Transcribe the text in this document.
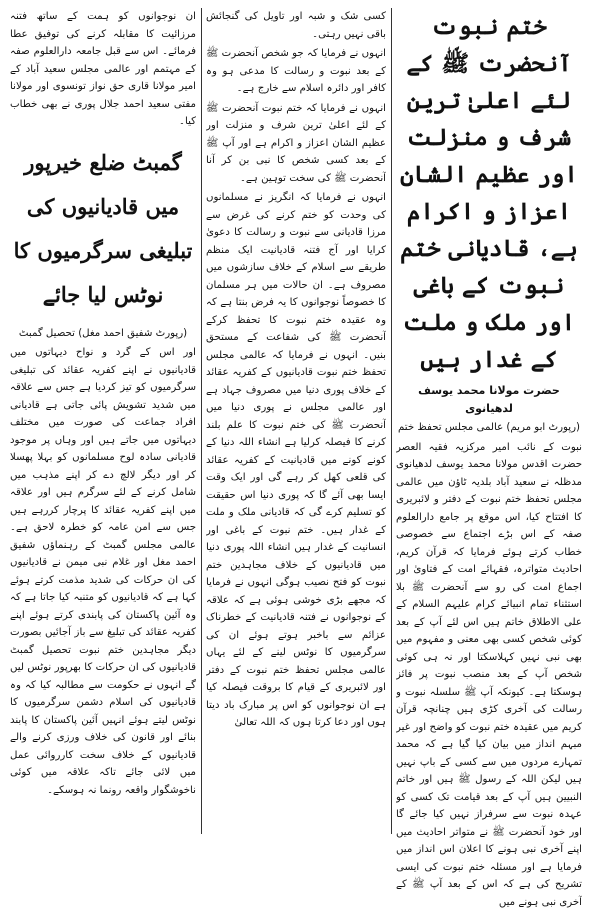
ختم نبوت آنحضرت ﷺ کے لئے اعلیٰ ترین شرف و منزلت اور عظیم الشان اعزاز و اکرام ہے، قادیانی ختم نبوت کے باغی اور ملک و ملت کے غدار ہیں
حضرت مولانا محمد یوسف لدھیانوی
(رپورٹ ابو مریم) عالمی مجلس تحفظ ختم

نبوت کے نائب امیر مرکزیہ فقیہ العصر حضرت اقدس مولانا محمد یوسف لدھیانوی مدظلہ نے سعید آباد بلدیہ ٹاؤن میں عالمی مجلس تحفظ ختم نبوت کے دفتر و لائبریری کا افتتاح کیا، اس موقع پر جامع دارالعلوم صفہ کے اس بڑے اجتماع سے خصوصی خطاب کرتے ہوئے فرمایا کہ قرآن کریم، احادیث متواترہ، فقہائے امت کے فتاویٰ اور اجماع امت کی رو سے آنحضرت ﷺ بلا استثناء تمام انبیائے کرام علیہم السلام کے علی الاطلاق خاتم ہیں اس لئے آپ کے بعد کوئی شخص کسی بھی معنی و مفہوم میں بھی نبی نہیں کہلاسکتا اور نہ ہی کوئی شخص آپ کے بعد منصب نبوت پر فائز ہوسکتا ہے۔ کیونکہ آپ ﷺ سلسلہ نبوت و رسالت کی آخری کڑی ہیں چنانچہ قرآن کریم میں عقیدہ ختم نبوت کو واضح اور غیر مبہم انداز میں بیان کیا گیا ہے کہ محمد تمہارے مردوں میں سے کسی کے باپ نہیں ہیں لیکن اللہ کے رسول ﷺ ہیں اور خاتم النبیین ہیں آپ کے بعد قیامت تک کسی کو عہدہ نبوت سے سرفراز نہیں کیا جائے گا اور خود آنحضرت ﷺ نے متواتر احادیث میں اپنے آخری نبی ہونے کا اعلان اس انداز میں فرمایا ہے اور مسئلہ ختم نبوت کی ایسی تشریح کی ہے کہ اس کے بعد آپ ﷺ کے آخری نبی ہونے میں

کسی شک و شبہ اور تاویل کی گنجائش باقی نہیں رہتی۔

انہوں نے فرمایا کہ جو شخص آنحضرت ﷺ کے بعد نبوت و رسالت کا مدعی ہو وہ کافر اور دائرہ اسلام سے خارج ہے۔

انہوں نے فرمایا کہ ختم نبوت آنحضرت ﷺ کے لئے اعلیٰ ترین شرف و منزلت اور عظیم الشان اعزاز و اکرام ہے اور آپ ﷺ کے بعد کسی شخص کا نبی بن کر آنا آنحضرت ﷺ کی سخت توہین ہے۔

انہوں نے فرمایا کہ انگریز نے مسلمانوں کی وحدت کو ختم کرنے کی غرض سے مرزا قادیانی سے نبوت و رسالت کا دعویٰ کرایا اور آج فتنہ قادیانیت ایک منظم طریقے سے اسلام کے خلاف سازشوں میں مصروف ہے۔ ان حالات میں ہر مسلمان کا خصوصاً نوجوانوں کا یہ فرض بنتا ہے کہ وہ عقیدہ ختم نبوت کا تحفظ کرکے آنحضرت ﷺ کی شفاعت کے مستحق بنیں۔ انہوں نے فرمایا کہ عالمی مجلس تحفظ ختم نبوت قادیانیوں کے کفریہ عقائد کے خلاف پوری دنیا میں مصروف جہاد ہے اور عالمی مجلس نے پوری دنیا میں آنحضرت ﷺ کی ختم نبوت کا علم بلند کرنے کا فیصلہ کرلیا ہے انشاء اللہ دنیا کے کونے کونے میں قادیانیت کے کفریہ عقائد کی قلعی کھل کر رہے گی اور ایک وقت ایسا بھی آئے گا کہ پوری دنیا اس حقیقت کو تسلیم کرے گی کہ قادیانی ملک و ملت کے غدار ہیں۔ ختم نبوت کے باغی اور انسانیت کے غدار ہیں انشاء اللہ پوری دنیا میں قادیانیوں کے خلاف مجاہدین ختم نبوت کو فتح نصیب ہوگی انہوں نے فرمایا کہ مجھے بڑی خوشی ہوئی ہے کہ علاقہ کے نوجوانوں نے فتنہ قادیانیت کے خطرناک عزائم سے باخبر ہوتے ہوئے ان کی سرگرمیوں کا نوٹس لینے کے لئے یہاں عالمی مجلس تحفظ ختم نبوت کے دفتر اور لائبریری کے قیام کا بروقت فیصلہ کیا ہے ان نوجوانوں کو اس پر مبارک باد دیتا ہوں اور دعا کرتا ہوں کہ اللہ تعالیٰ

ان نوجوانوں کو ہمت کے ساتھ فتنہ مرزائیت کا مقابلہ کرنے کی توفیق عطا فرمائے۔ اس سے قبل جامعہ دارالعلوم صفہ کے مہتمم اور عالمی مجلس سعید آباد کے امیر مولانا قاری حق نواز تونسوی اور مولانا مفتی سعید احمد جلال پوری نے بھی خطاب کیا۔

گمبٹ ضلع خیرپور میں قادیانیوں کی تبلیغی سرگرمیوں کا نوٹس لیا جائے
(رپورٹ شفیق احمد مغل) تحصیل گمبٹ

اور اس کے گرد و نواح دیہاتوں میں قادیانیوں نے اپنے کفریہ عقائد کی تبلیغی سرگرمیوں کو تیز کردیا ہے جس سے علاقہ میں شدید تشویش پائی جاتی ہے قادیانی افراد جماعت کی صورت میں مختلف دیہاتوں میں جاتے ہیں اور وہاں پر موجود قادیانی سادہ لوح مسلمانوں کو بہلا پھسلا کر اور دیگر لالچ دے کر اپنے مذہب میں شامل کرنے کے لئے سرگرم ہیں اور علاقہ میں اپنے کفریہ عقائد کا پرچار کررہے ہیں جس سے امن عامہ کو خطرہ لاحق ہے۔ عالمی مجلس گمبٹ کے رہنماؤں شفیق احمد مغل اور غلام نبی میمن نے قادیانیوں کی ان حرکات کی شدید مذمت کرتے ہوئے کہا ہے کہ قادیانیوں کو متنبہ کیا جاتا ہے کہ وہ آئین پاکستان کی پابندی کرتے ہوئے اپنے کفریہ عقائد کی تبلیغ سے باز آجائیں بصورت دیگر مجاہدین ختم نبوت تحصیل گمبٹ قادیانیوں کی ان حرکات کا بھرپور نوٹس لیں گے انہوں نے حکومت سے مطالبہ کیا کہ وہ قادیانیوں کی اسلام دشمن سرگرمیوں کا نوٹس لیتے ہوئے انہیں آئین پاکستان کا پابند بنائے اور قانون کی خلاف ورزی کرنے والے قادیانیوں کے خلاف سخت کارروائی عمل میں لائی جائے تاکہ علاقہ میں کوئی ناخوشگوار واقعہ رونما نہ ہوسکے۔
